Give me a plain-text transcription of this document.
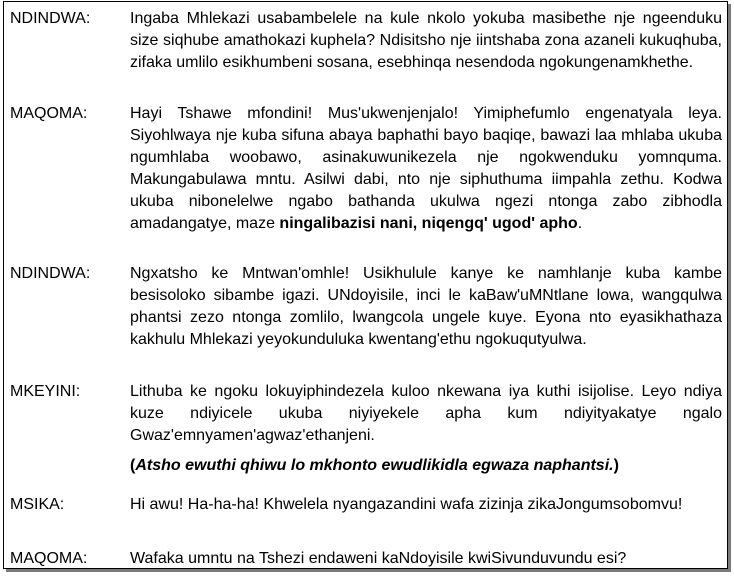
NDINDWA: Ingaba Mhlekazi usabambelele na kule nkolo yokuba masibethe nje ngeenduku size siqhube amathokazi kuphela? Ndisitsho nje iintshaba zona azaneli kukuqhuba, zifaka umlilo esikhumbeni sosana, esebhinqa nesendoda ngokungenamkhethe.
MAQOMA:	Hayi Tshawe mfondini! Mus'ukwenjenjalo! Yimiphefumlo engenatyala leya. Siyohlwaya nje kuba sifuna abaya baphathi bayo baqiqe, bawazi laa mhlaba ukuba ngumhlaba woobawo, asinakuwunikezela nje ngokwenduku yomnquma. Makungabulawa mntu. Asilwi dabi, nto nje siphuthuma iimpahla zethu. Kodwa ukuba nibonelelwe ngabo bathanda ukulwa ngezi ntonga zabo zibhodla amadangatye, maze ningalibazisi nani, niqengq' ugod' apho.
NDINDWA: Ngxatsho ke Mntwan'omhle! Usikhulule kanye ke namhlanje kuba kambe besisoloko sibambe igazi. UNdoyisile, inci le kaBaw'uMNtlane lowa, wangqulwa phantsi zezo ntonga zomlilo, lwangcola ungele kuye. Eyona nto eyasikhathaza kakhulu Mhlekazi yeyokunduluka kwentang'ethu ngokuqutyulwa.
MKEYINI:	Lithuba ke ngoku lokuyiphindezela kuloo nkewana iya kuthi isijolise. Leyo ndiya kuze ndiyicele ukuba niyiyekele apha kum ndiyityakatye ngalo Gwaz'emnyamen'agwaz'ethanjeni.
(Atsho ewuthi qhiwu lo mkhonto ewudlikidla egwaza naphantsi.)
MSIKA:	Hi awu! Ha-ha-ha! Khwelela nyangazandini wafa zizinja zikaJongumsobomvu!
MAQOMA:	Wafaka umntu na Tshezi endaweni kaNdoyisile kwiSivunduvundu esi?
